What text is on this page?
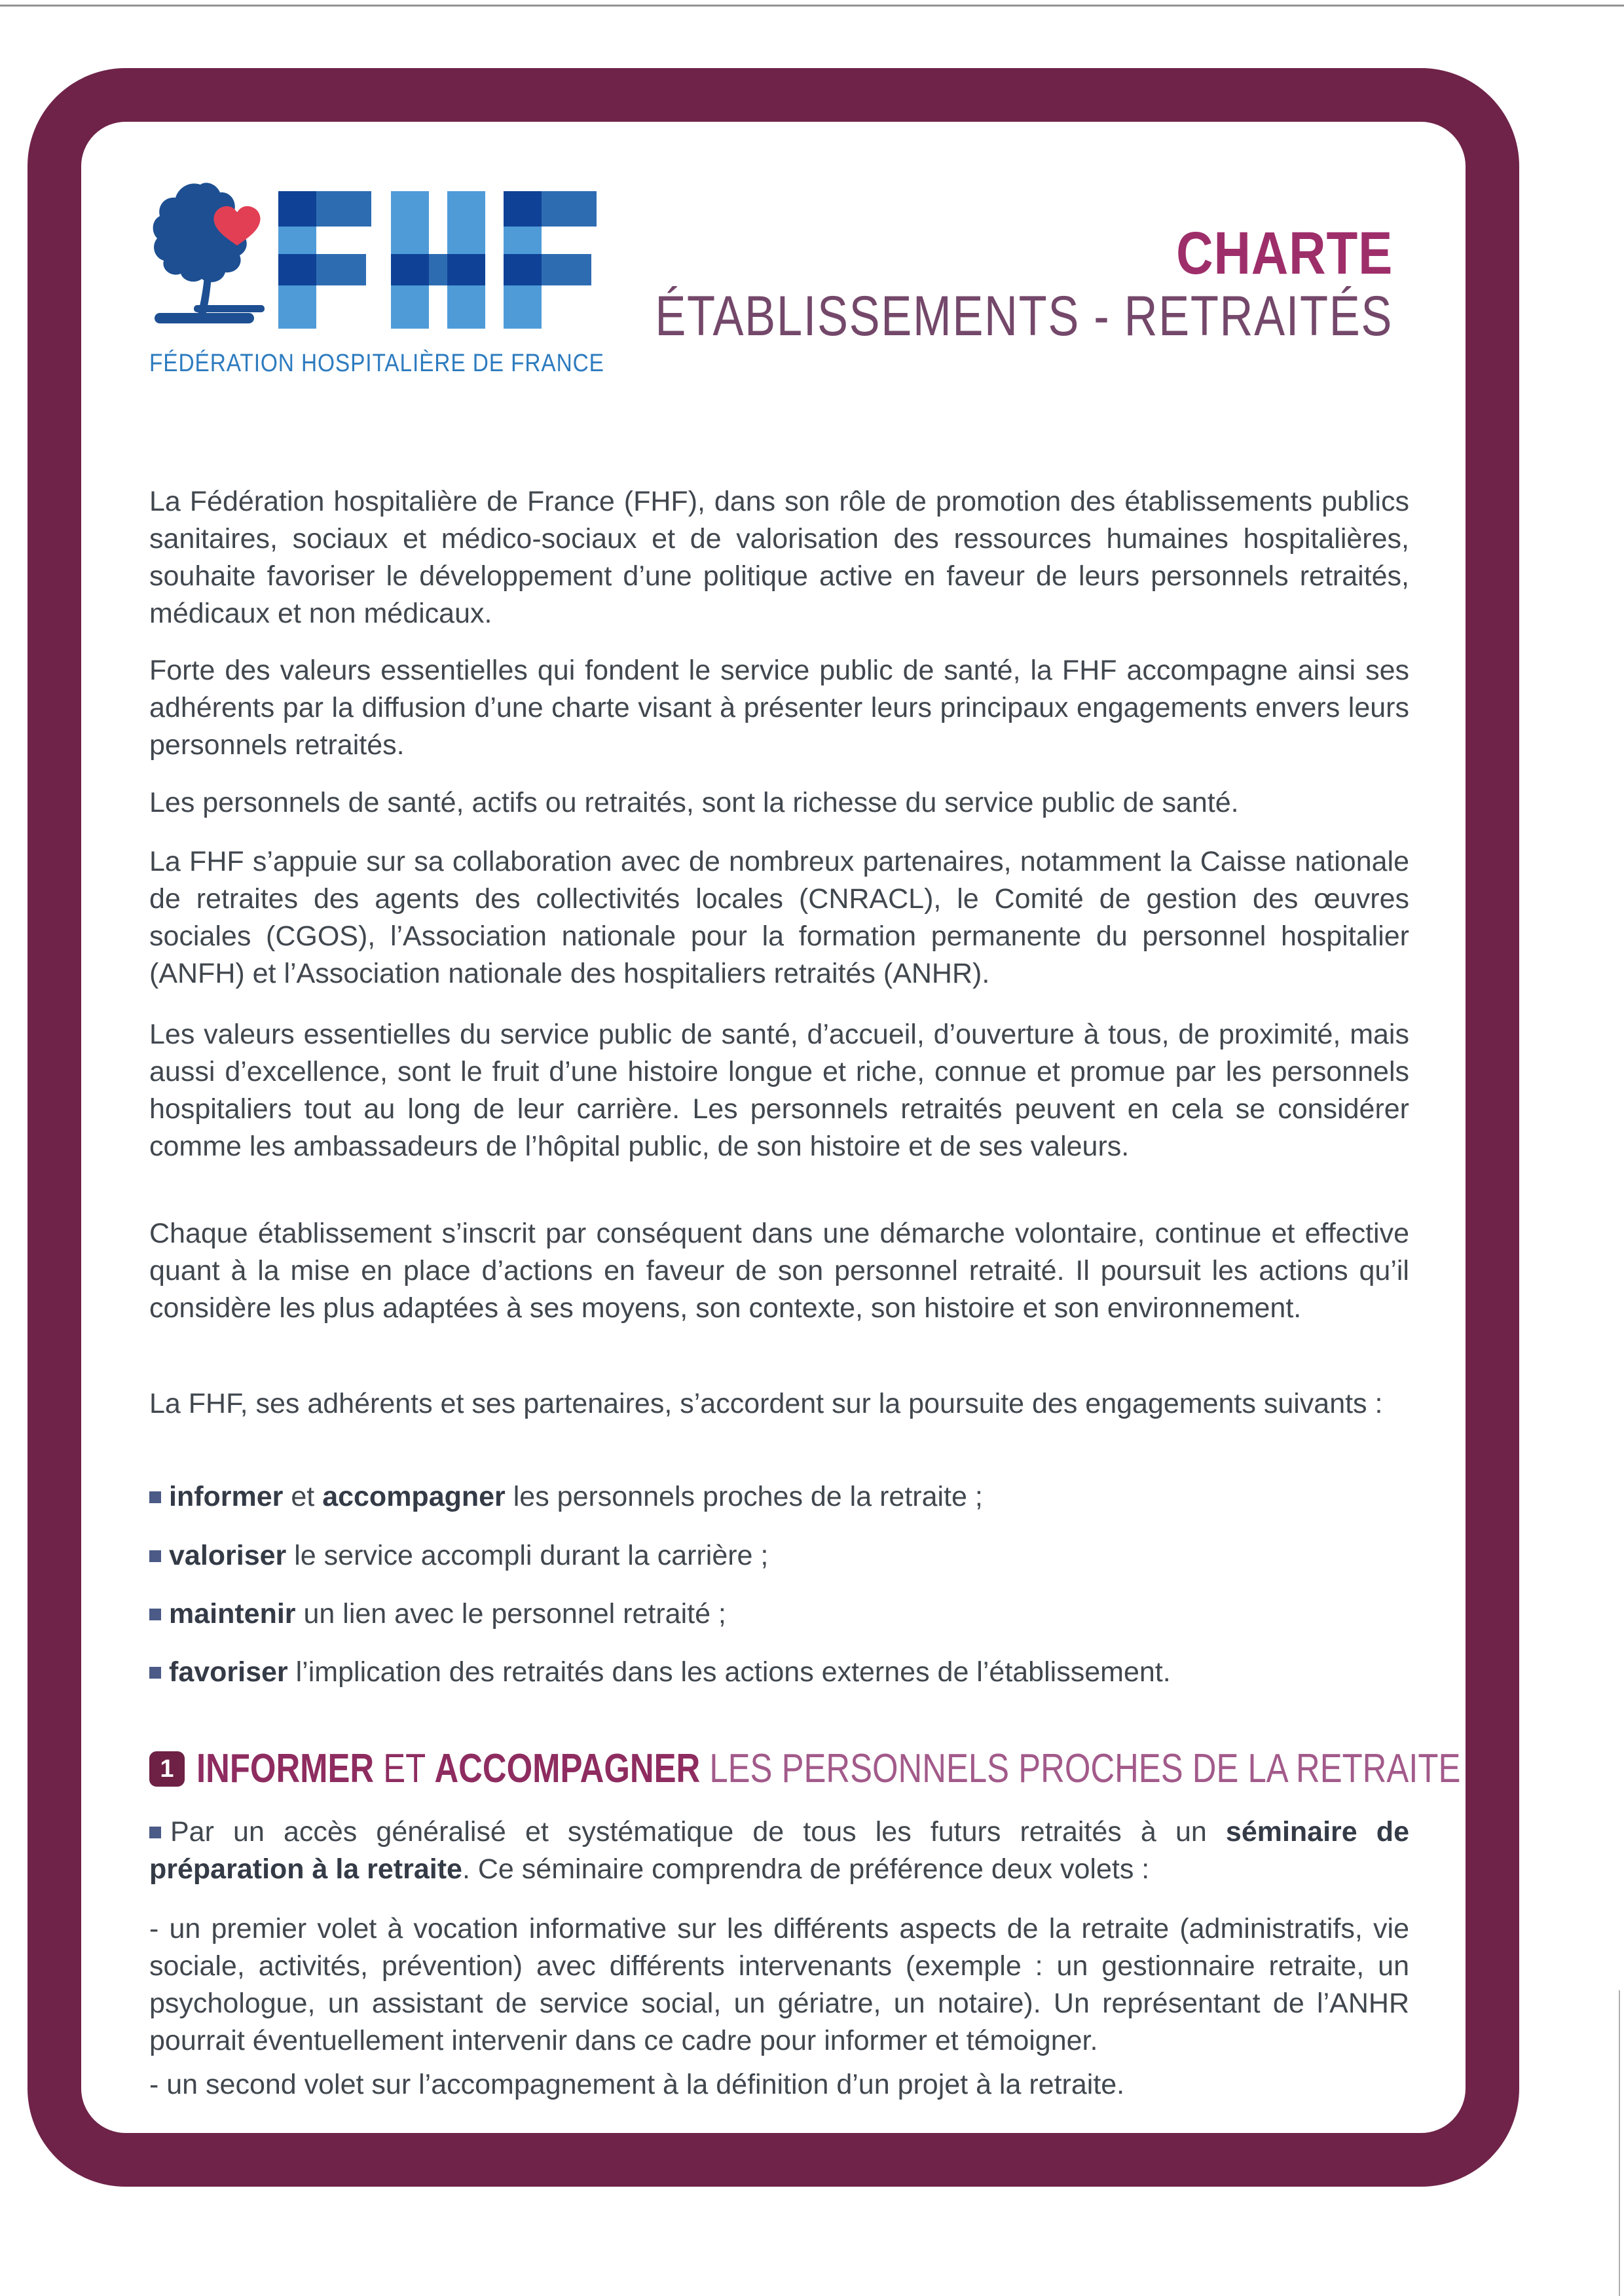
FÉDÉRATION HOSPITALIÈRE DE FRANCE
CHARTE
ÉTABLISSEMENTS - RETRAITÉS
La Fédération hospitalière de France (FHF), dans son rôle de promotion des établissements publics sanitaires, sociaux et médico-sociaux et de valorisation des ressources humaines hospitalières, souhaite favoriser le développement d’une politique active en faveur de leurs personnels retraités, médicaux et non médicaux.
Forte des valeurs essentielles qui fondent le service public de santé, la FHF accompagne ainsi ses adhérents par la diffusion d’une charte visant à présenter leurs principaux engagements envers leurs personnels retraités.
Les personnels de santé, actifs ou retraités, sont la richesse du service public de santé.
La FHF s’appuie sur sa collaboration avec de nombreux partenaires, notamment la Caisse nationale de retraites des agents des collectivités locales (CNRACL), le Comité de gestion des œuvres sociales (CGOS), l’Association nationale pour la formation permanente du personnel hospitalier (ANFH) et l’Association nationale des hospitaliers retraités (ANHR).
Les valeurs essentielles du service public de santé, d’accueil, d’ouverture à tous, de proximité, mais aussi d’excellence, sont le fruit d’une histoire longue et riche, connue et promue par les personnels hospitaliers tout au long de leur carrière. Les personnels retraités peuvent en cela se considérer comme les ambassadeurs de l’hôpital public, de son histoire et de ses valeurs.
Chaque établissement s’inscrit par conséquent dans une démarche volontaire, continue et effective quant à la mise en place d’actions en faveur de son personnel retraité. Il poursuit les actions qu’il considère les plus adaptées à ses moyens, son contexte, son histoire et son environnement.
La FHF, ses adhérents et ses partenaires, s’accordent sur la poursuite des engagements suivants :
informer et accompagner les personnels proches de la retraite ;
valoriser le service accompli durant la carrière ;
maintenir un lien avec le personnel retraité ;
favoriser l’implication des retraités dans les actions externes de l’établissement.
1 INFORMER ET ACCOMPAGNER LES PERSONNELS PROCHES DE LA RETRAITE
Par un accès généralisé et systématique de tous les futurs retraités à un séminaire de préparation à la retraite. Ce séminaire comprendra de préférence deux volets :
- un premier volet à vocation informative sur les différents aspects de la retraite (administratifs, vie sociale, activités, prévention) avec différents intervenants (exemple : un gestionnaire retraite, un psychologue, un assistant de service social, un gériatre, un notaire). Un représentant de l’ANHR pourrait éventuellement intervenir dans ce cadre pour informer et témoigner.
- un second volet sur l’accompagnement à la définition d’un projet à la retraite.
